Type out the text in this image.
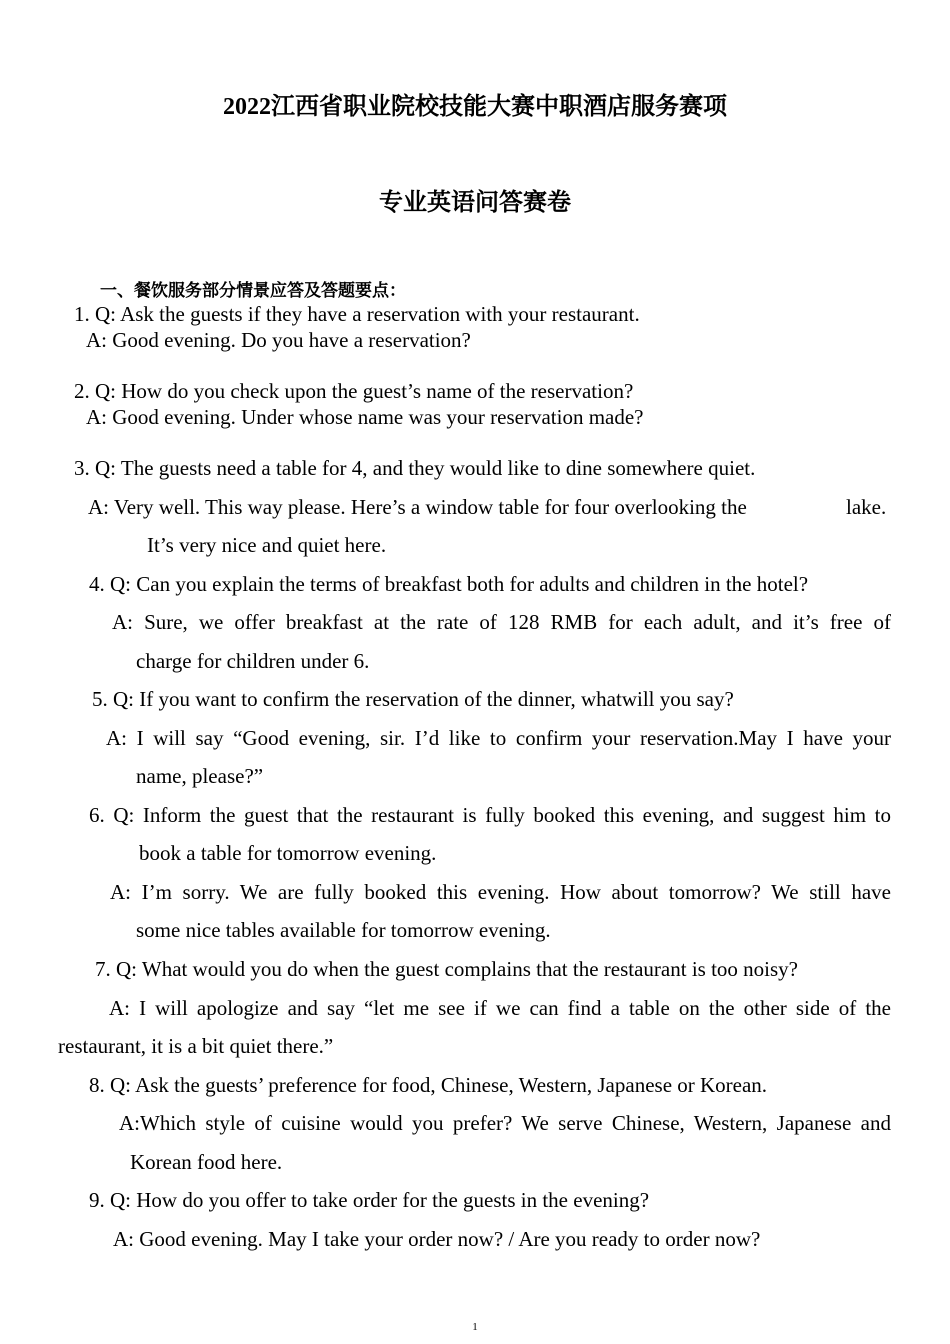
2022江西省职业院校技能大赛中职酒店服务赛项
专业英语问答赛卷
一、餐饮服务部分情景应答及答题要点：
1. Q: Ask the guests if they have a reservation with your restaurant.
A: Good evening. Do you have a reservation?
2. Q: How do you check upon the guest’s name of the reservation?
A: Good evening. Under whose name was your reservation made?
3. Q: The guests need a table for 4, and they would like to dine somewhere quiet.
A: Very well. This way please. Here’s a window table for four overlooking the	lake.
It’s very nice and quiet here.
4. Q: Can you explain the terms of breakfast both for adults and children in the hotel?
A: Sure, we offer breakfast at the rate of 128 RMB for each adult, and it’s free of
charge for children under 6.
5. Q: If you want to confirm the reservation of the dinner, whatwill you say?
A: I will say “Good evening, sir. I’d like to confirm your reservation.May I have your
name, please?”
6. Q: Inform the guest that the restaurant is fully booked this evening, and suggest him to
book a table for tomorrow evening.
A: I’m sorry. We are fully booked this evening. How about tomorrow? We still have
some nice tables available for tomorrow evening.
7. Q: What would you do when the guest complains that the restaurant is too noisy?
A: I will apologize and say “let me see if we can find a table on the other side of the
restaurant, it is a bit quiet there.”
8. Q: Ask the guests’ preference for food, Chinese, Western, Japanese or Korean.
A:Which style of cuisine would you prefer? We serve Chinese, Western, Japanese and
Korean food here.
9. Q: How do you offer to take order for the guests in the evening?
A: Good evening. May I take your order now? / Are you ready to order now?
1
